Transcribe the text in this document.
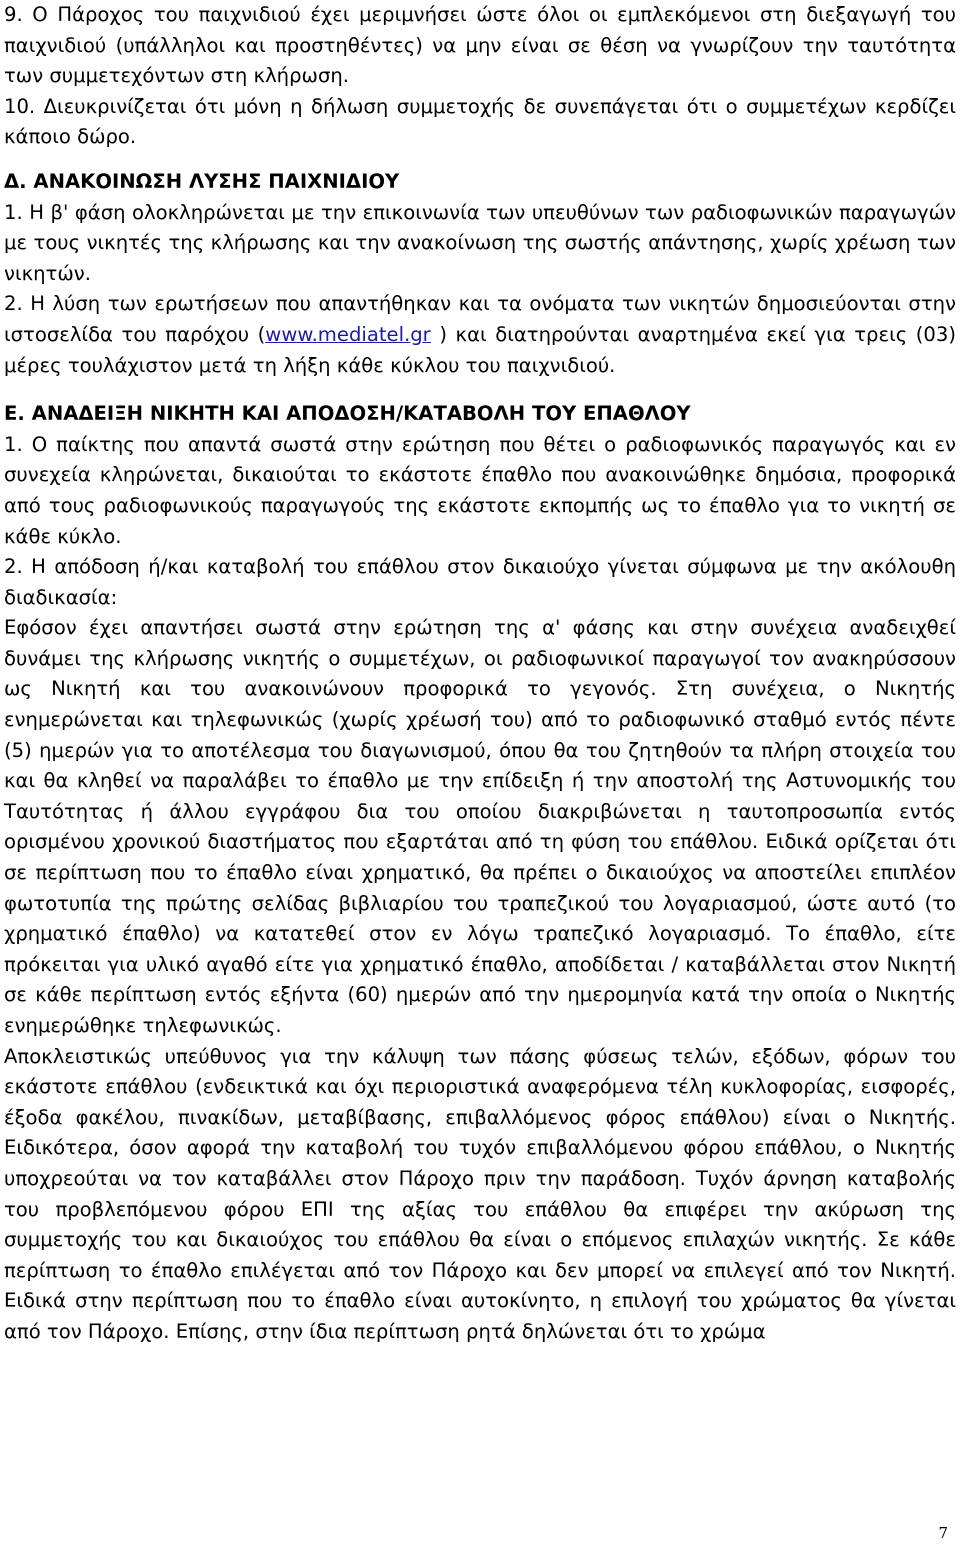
9. Ο Πάροχος του παιχνιδιού έχει μεριμνήσει ώστε όλοι οι εμπλεκόμενοι στη διεξαγωγή του παιχνιδιού (υπάλληλοι και προστηθέντες) να μην είναι σε θέση να γνωρίζουν την ταυτότητα των συμμετεχόντων στη κλήρωση.

10. Διευκρινίζεται ότι μόνη η δήλωση συμμετοχής δε συνεπάγεται ότι ο συμμετέχων κερδίζει κάποιο δώρο.

Δ. ΑΝΑΚΟΙΝΩΣΗ ΛΥΣΗΣ ΠΑΙΧΝΙΔΙΟΥ

1. Η β' φάση ολοκληρώνεται με την επικοινωνία των υπευθύνων των ραδιοφωνικών παραγωγών με τους νικητές της κλήρωσης και την ανακοίνωση της σωστής απάντησης, χωρίς χρέωση των νικητών.

2. Η λύση των ερωτήσεων που απαντήθηκαν και τα ονόματα των νικητών δημοσιεύονται στην ιστοσελίδα του παρόχου (www.mediatel.gr ) και διατηρούνται αναρτημένα εκεί για τρεις (03) μέρες τουλάχιστον μετά τη λήξη κάθε κύκλου του παιχνιδιού.

Ε. ΑΝΑΔΕΙΞΗ ΝΙΚΗΤΗ ΚΑΙ ΑΠΟΔΟΣΗ/ΚΑΤΑΒΟΛΗ ΤΟΥ ΕΠΑΘΛΟΥ

1. Ο παίκτης που απαντά σωστά στην ερώτηση που θέτει ο ραδιοφωνικός παραγωγός και εν συνεχεία κληρώνεται, δικαιούται το εκάστοτε έπαθλο που ανακοινώθηκε δημόσια, προφορικά από τους ραδιοφωνικούς παραγωγούς της εκάστοτε εκπομπής ως το έπαθλο για το νικητή σε κάθε κύκλο.

2. Η απόδοση ή/και καταβολή του επάθλου στον δικαιούχο γίνεται σύμφωνα με την ακόλουθη διαδικασία:

Εφόσον έχει απαντήσει σωστά στην ερώτηση της α' φάσης και στην συνέχεια αναδειχθεί δυνάμει της κλήρωσης νικητής ο συμμετέχων, οι ραδιοφωνικοί παραγωγοί τον ανακηρύσσουν ως Νικητή και του ανακοινώνουν προφορικά το γεγονός. Στη συνέχεια, ο Νικητής ενημερώνεται και τηλεφωνικώς (χωρίς χρέωσή του) από το ραδιοφωνικό σταθμό εντός πέντε (5) ημερών για το αποτέλεσμα του διαγωνισμού, όπου θα του ζητηθούν τα πλήρη στοιχεία του και θα κληθεί να παραλάβει το έπαθλο με την επίδειξη ή την αποστολή της Αστυνομικής του Ταυτότητας ή άλλου εγγράφου δια του οποίου διακριβώνεται η ταυτοπροσωπία εντός ορισμένου χρονικού διαστήματος που εξαρτάται από τη φύση του επάθλου. Ειδικά ορίζεται ότι σε περίπτωση που το έπαθλο είναι χρηματικό, θα πρέπει ο δικαιούχος να αποστείλει επιπλέον φωτοτυπία της πρώτης σελίδας βιβλιαρίου του τραπεζικού του λογαριασμού, ώστε αυτό (το χρηματικό έπαθλο) να κατατεθεί στον εν λόγω τραπεζικό λογαριασμό. Το έπαθλο, είτε πρόκειται για υλικό αγαθό είτε για χρηματικό έπαθλο, αποδίδεται / καταβάλλεται στον Νικητή σε κάθε περίπτωση εντός εξήντα (60) ημερών από την ημερομηνία κατά την οποία ο Νικητής ενημερώθηκε τηλεφωνικώς.

Αποκλειστικώς υπεύθυνος για την κάλυψη των πάσης φύσεως τελών, εξόδων, φόρων του εκάστοτε επάθλου (ενδεικτικά και όχι περιοριστικά αναφερόμενα τέλη κυκλοφορίας, εισφορές, έξοδα φακέλου, πινακίδων, μεταβίβασης, επιβαλλόμενος φόρος επάθλου) είναι ο Νικητής. Ειδικότερα, όσον αφορά την καταβολή του τυχόν επιβαλλόμενου φόρου επάθλου, ο Νικητής υποχρεούται να τον καταβάλλει στον Πάροχο πριν την παράδοση. Τυχόν άρνηση καταβολής του προβλεπόμενου φόρου ΕΠΙ της αξίας του επάθλου θα επιφέρει την ακύρωση της συμμετοχής του και δικαιούχος του επάθλου θα είναι ο επόμενος επιλαχών νικητής. Σε κάθε περίπτωση το έπαθλο επιλέγεται από τον Πάροχο και δεν μπορεί να επιλεγεί από τον Νικητή. Ειδικά στην περίπτωση που το έπαθλο είναι αυτοκίνητο, η επιλογή του χρώματος θα γίνεται από τον Πάροχο. Επίσης, στην ίδια περίπτωση ρητά δηλώνεται ότι το χρώμα

7
